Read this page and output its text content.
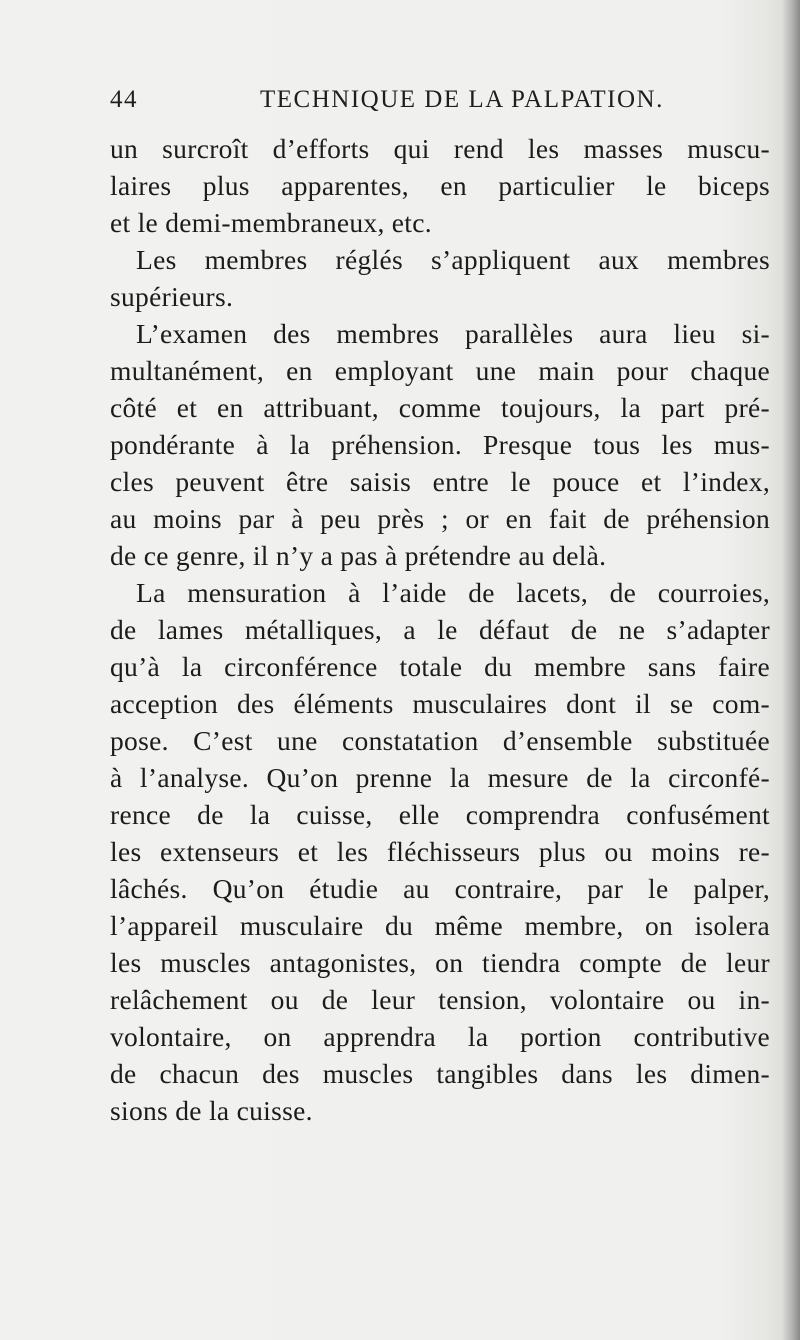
44	TECHNIQUE DE LA PALPATION.
un surcroît d’efforts qui rend les masses muscu-
laires plus apparentes, en particulier le biceps
et le demi-membraneux, etc.
Les membres réglés s’appliquent aux membres
supérieurs.
L’examen des membres parallèles aura lieu si-
multanément, en employant une main pour chaque
côté et en attribuant, comme toujours, la part pré-
pondérante à la préhension. Presque tous les mus-
cles peuvent être saisis entre le pouce et l’index,
au moins par à peu près ; or en fait de préhension
de ce genre, il n’y a pas à prétendre au delà.
La mensuration à l’aide de lacets, de courroies,
de lames métalliques, a le défaut de ne s’adapter
qu’à la circonférence totale du membre sans faire
acception des éléments musculaires dont il se com-
pose. C’est une constatation d’ensemble substituée
à l’analyse. Qu’on prenne la mesure de la circonfé-
rence de la cuisse, elle comprendra confusément
les extenseurs et les fléchisseurs plus ou moins re-
lâchés. Qu’on étudie au contraire, par le palper,
l’appareil musculaire du même membre, on isolera
les muscles antagonistes, on tiendra compte de leur
relâchement ou de leur tension, volontaire ou in-
volontaire, on apprendra la portion contributive
de chacun des muscles tangibles dans les dimen-
sions de la cuisse.
